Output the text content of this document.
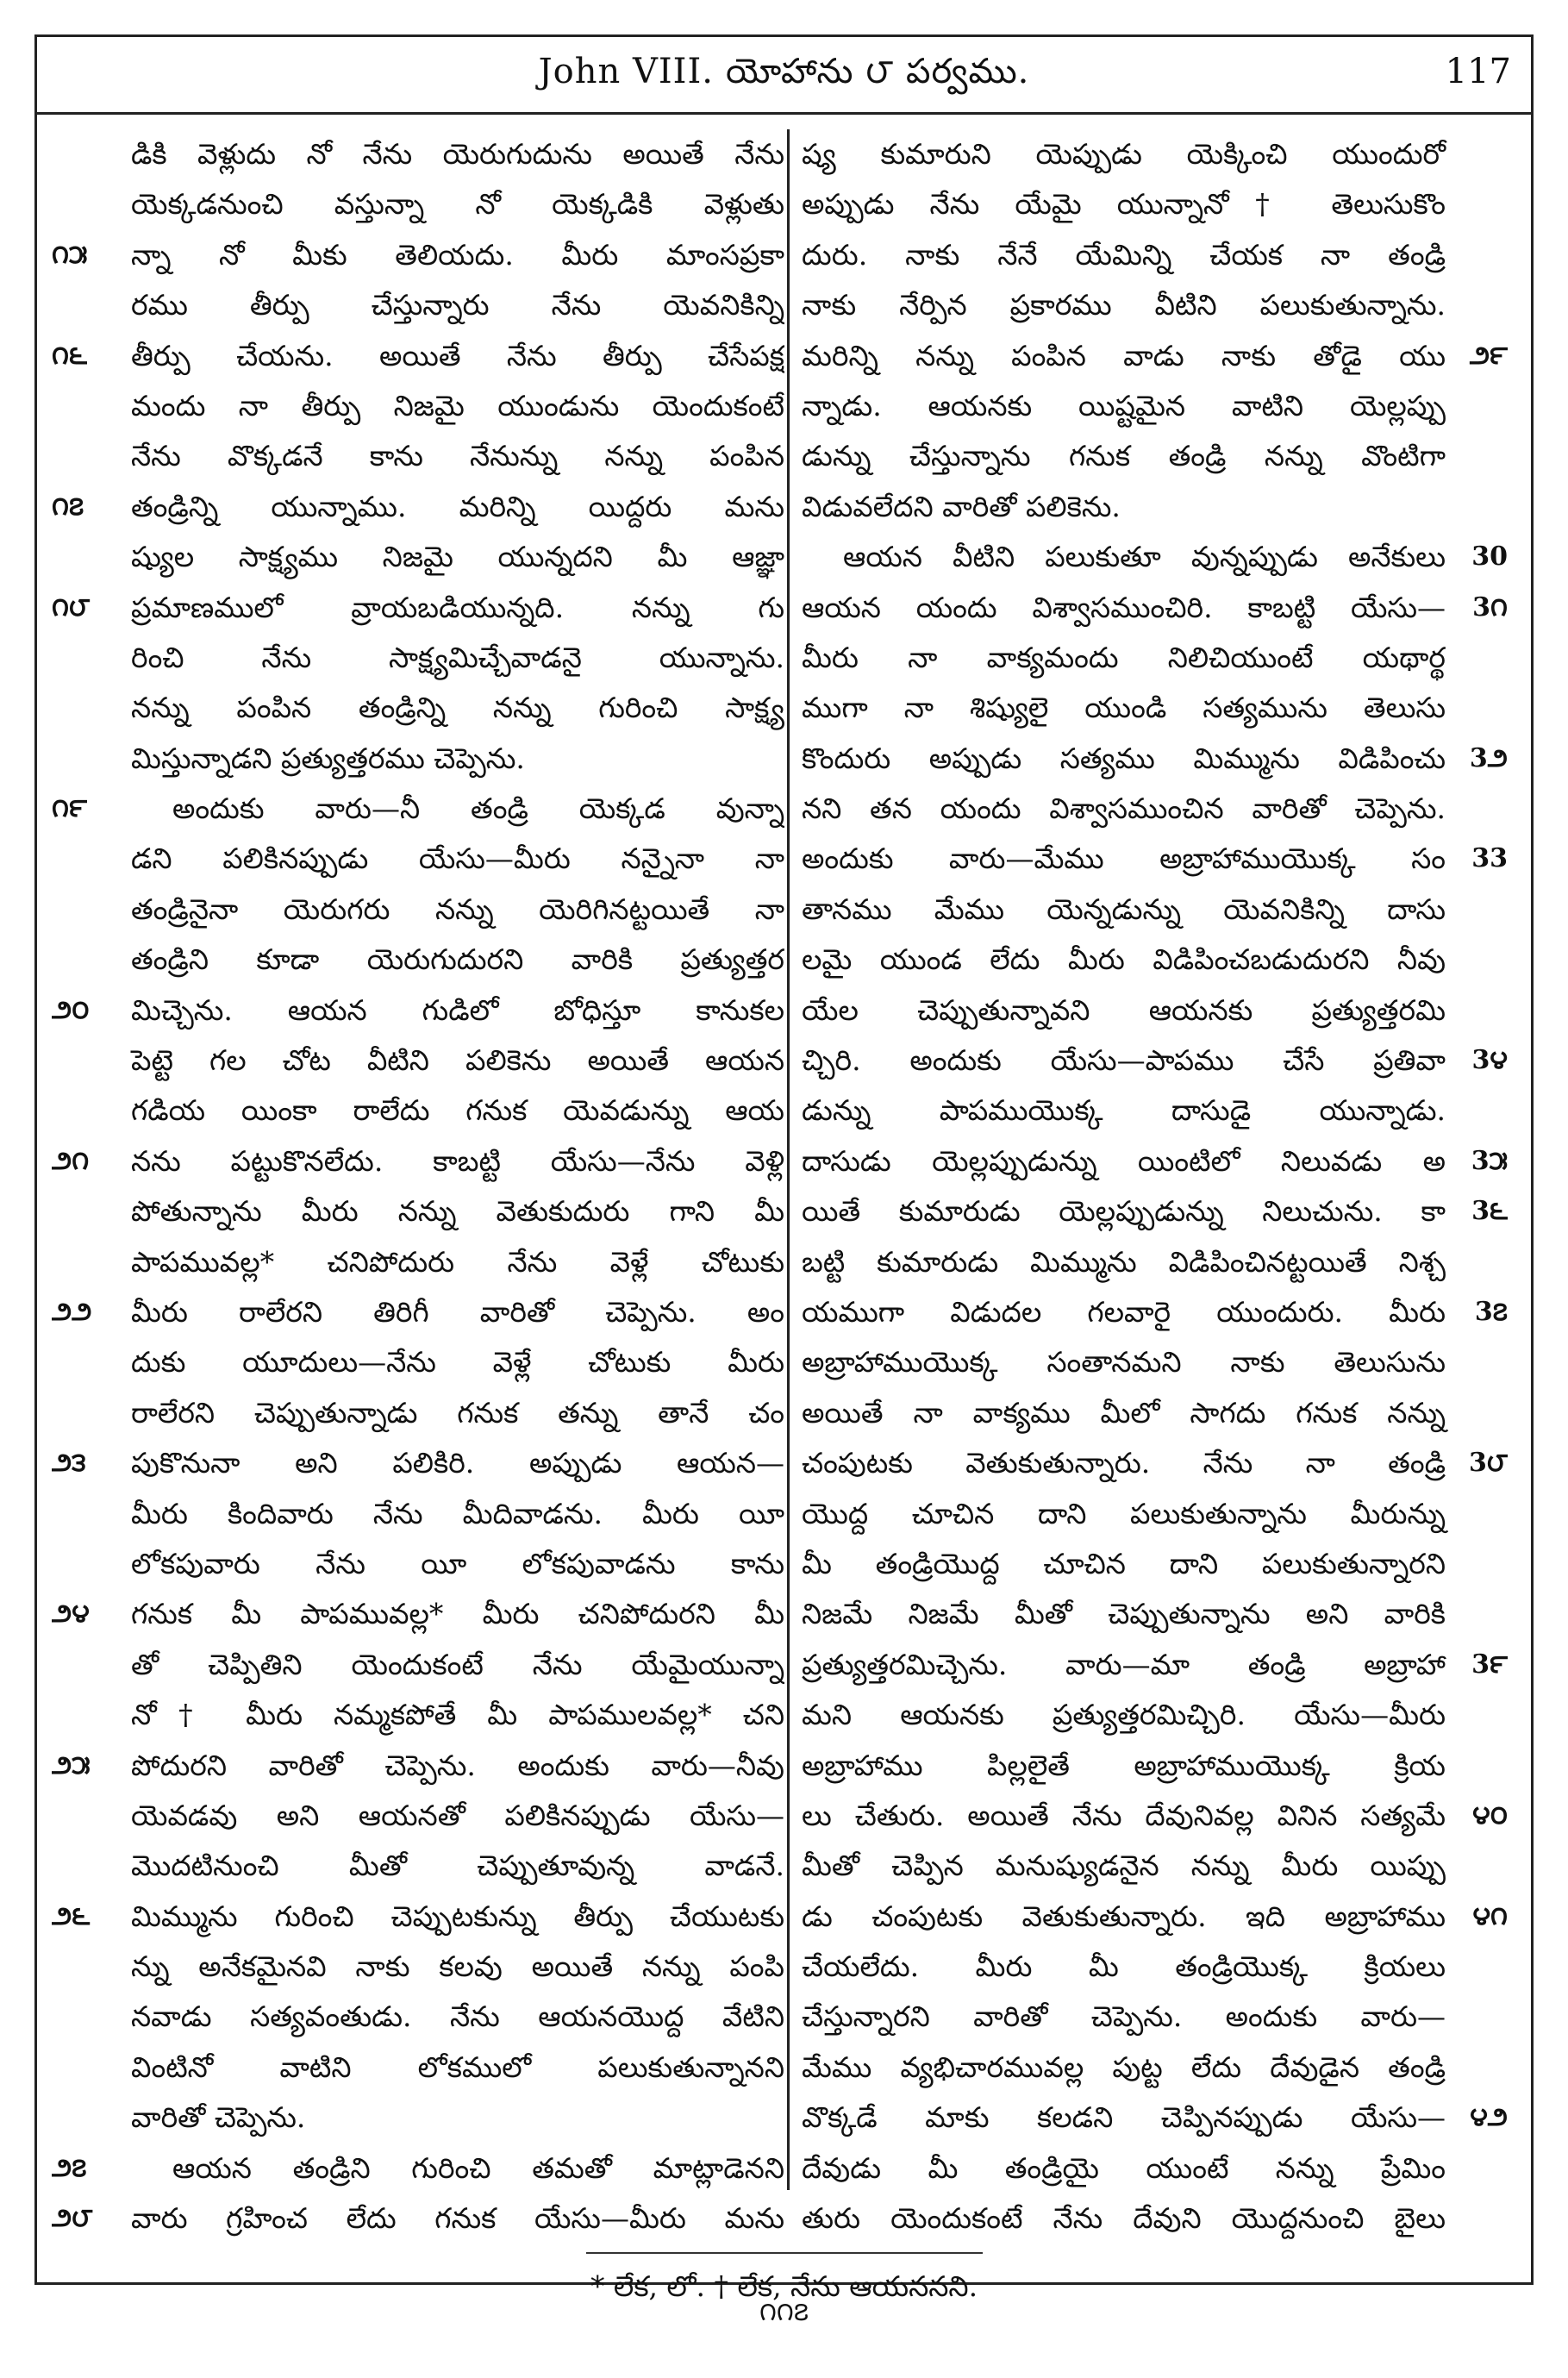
John VIII. యోహాను ౮ పర్వము.	117
డికి వెళ్లుదు నో నేను యెరుగుదును అయితే నేను
యెక్కడనుంచి వస్తున్నా నో యెక్కడికి వెళ్లుతు
౧౫	న్నా నో మీకు తెలియదు. మీరు మాంసప్రకా
రము తీర్పు చేస్తున్నారు నేను యెవనికిన్ని
౧౬	తీర్పు చేయను. అయితే నేను తీర్పు చేసేపక్ష
మందు నా తీర్పు నిజమై యుండును యెందుకంటే
నేను వొక్కడనే కాను నేనున్ను నన్ను పంపిన
౧౭	తండ్రిన్ని యున్నాము. మరిన్ని యిద్దరు మను
ష్యుల సాక్ష్యము నిజమై యున్నదని మీ ఆజ్ఞా
౧౮	ప్రమాణములో వ్రాయబడియున్నది. నన్ను గు
రించి నేను సాక్ష్యమిచ్చేవాడనై యున్నాను.
నన్ను పంపిన తండ్రిన్ని నన్ను గురించి సాక్ష్య
మిస్తున్నాడని ప్రత్యుత్తరము చెప్పెను.
౧౯	అందుకు వారు—నీ తండ్రి యెక్కడ వున్నా
డని పలికినప్పుడు యేసు—మీరు నన్నైనా నా
తండ్రినైనా యెరుగరు నన్ను యెరిగినట్టయితే నా
తండ్రిని కూడా యెరుగుదురని వారికి ప్రత్యుత్తర
౨౦	మిచ్చెను. ఆయన గుడిలో బోధిస్తూ కానుకల
పెట్టె గల చోట వీటిని పలికెను అయితే ఆయన
గడియ యింకా రాలేదు గనుక యెవడున్ను ఆయ
౨౧	నను పట్టుకొనలేదు. కాబట్టి యేసు—నేను వెళ్లి
పోతున్నాను మీరు నన్ను వెతుకుదురు గాని మీ
పాపమువల్ల* చనిపోదురు నేను వెళ్లే చోటుకు
౨౨	మీరు రాలేరని తిరిగీ వారితో చెప్పెను. అం
దుకు యూదులు—నేను వెళ్లే చోటుకు మీరు
రాలేరని చెప్పుతున్నాడు గనుక తన్ను తానే చం
౨౩	పుకొనునా అని పలికిరి. అప్పుడు ఆయన—
మీరు కిందివారు నేను మీదివాడను. మీరు యీ
లోకపువారు నేను యీ లోకపువాడను కాను
౨౪	గనుక మీ పాపమువల్ల* మీరు చనిపోదురని మీ
తో చెప్పితిని యెందుకంటే నేను యేమైయున్నా
నో† మీరు నమ్మకపోతే మీ పాపములవల్ల* చని
౨౫	పోదురని వారితో చెప్పెను. అందుకు వారు—నీవు
యెవడవు అని ఆయనతో పలికినప్పుడు యేసు—
మొదటినుంచి మీతో చెప్పుతూవున్న వాడనే.
౨౬	మిమ్మును గురించి చెప్పుటకున్ను తీర్పు చేయుటకు
న్ను అనేకమైనవి నాకు కలవు అయితే నన్ను పంపి
నవాడు సత్యవంతుడు. నేను ఆయనయొద్ద వేటిని
వింటినో వాటిని లోకములో పలుకుతున్నానని
వారితో చెప్పెను.
౨౭	ఆయన తండ్రిని గురించి తమతో మాట్లాడెనని
౨౮	వారు గ్రహించ లేదు గనుక యేసు—మీరు మను
ష్య కుమారుని యెప్పుడు యెక్కించి యుందురో
అప్పుడు నేను యేమై యున్నానో† తెలుసుకొం
దురు. నాకు నేనే యేమిన్ని చేయక నా తండ్రి
నాకు నేర్పిన ప్రకారము వీటిని పలుకుతున్నాను.
౨౯
మరిన్ని నన్ను పంపిన వాడు నాకు తోడై యు
న్నాడు. ఆయనకు యిష్టమైన వాటిని యెల్లప్పు
డున్ను చేస్తున్నాను గనుక తండ్రి నన్ను వొంటిగా
విడువలేదని వారితో పలికెను.
30
ఆయన వీటిని పలుకుతూ వున్నప్పుడు అనేకులు
3౧
ఆయన యందు విశ్వాసముంచిరి. కాబట్టి యేసు—
మీరు నా వాక్యమందు నిలిచియుంటే యథార్థ
ముగా నా శిష్యులై యుండి సత్యమును తెలుసు
3౨
కొందురు అప్పుడు సత్యము మిమ్మును విడిపించు
నని తన యందు విశ్వాసముంచిన వారితో చెప్పెను.
33
అందుకు వారు—మేము అబ్రాహాముయొక్క సం
తానము మేము యెన్నడున్ను యెవనికిన్ని దాసు
లమై యుండ లేదు మీరు విడిపించబడుదురని నీవు
యేల చెప్పుతున్నావని ఆయనకు ప్రత్యుత్తరమి
3౪
చ్చిరి. అందుకు యేసు—పాపము చేసే ప్రతివా
డున్ను పాపముయొక్క దాసుడై యున్నాడు.
3౫
దాసుడు యెల్లప్పుడున్ను యింటిలో నిలువడు అ
3౬
యితే కుమారుడు యెల్లప్పుడున్ను నిలుచును. కా
బట్టి కుమారుడు మిమ్మును విడిపించినట్టయితే నిశ్చ
3౭
యముగా విడుదల గలవారై యుందురు. మీరు
అబ్రాహాముయొక్క సంతానమని నాకు తెలుసును
అయితే నా వాక్యము మీలో సాగదు గనుక నన్ను
3౮
చంపుటకు వెతుకుతున్నారు. నేను నా తండ్రి
యొద్ద చూచిన దాని పలుకుతున్నాను మీరున్ను
మీ తండ్రియొద్ద చూచిన దాని పలుకుతున్నారని
నిజమే నిజమే మీతో చెప్పుతున్నాను అని వారికి
3౯
ప్రత్యుత్తరమిచ్చెను. వారు—మా తండ్రి అబ్రాహా
మని ఆయనకు ప్రత్యుత్తరమిచ్చిరి. యేసు—మీరు
అబ్రాహాము పిల్లలైతే అబ్రాహాముయొక్క క్రియ
౪౦
లు చేతురు. అయితే నేను దేవునివల్ల వినిన సత్యమే
మీతో చెప్పిన మనుష్యుడనైన నన్ను మీరు యిప్పు
౪౧
డు చంపుటకు వెతుకుతున్నారు. ఇది అబ్రాహాము
చేయలేదు. మీరు మీ తండ్రియొక్క క్రియలు
చేస్తున్నారని వారితో చెప్పెను. అందుకు వారు—
మేము వ్యభిచారమువల్ల పుట్ట లేదు దేవుడైన తండ్రి
౪౨
వొక్కడే మాకు కలడని చెప్పినప్పుడు యేసు—
దేవుడు మీ తండ్రియై యుంటే నన్ను ప్రేమిం
తురు యెందుకంటే నేను దేవుని యొద్దనుంచి బైలు
* లేక, లో. † లేక, నేను ఆయననని.
౧౧౭
